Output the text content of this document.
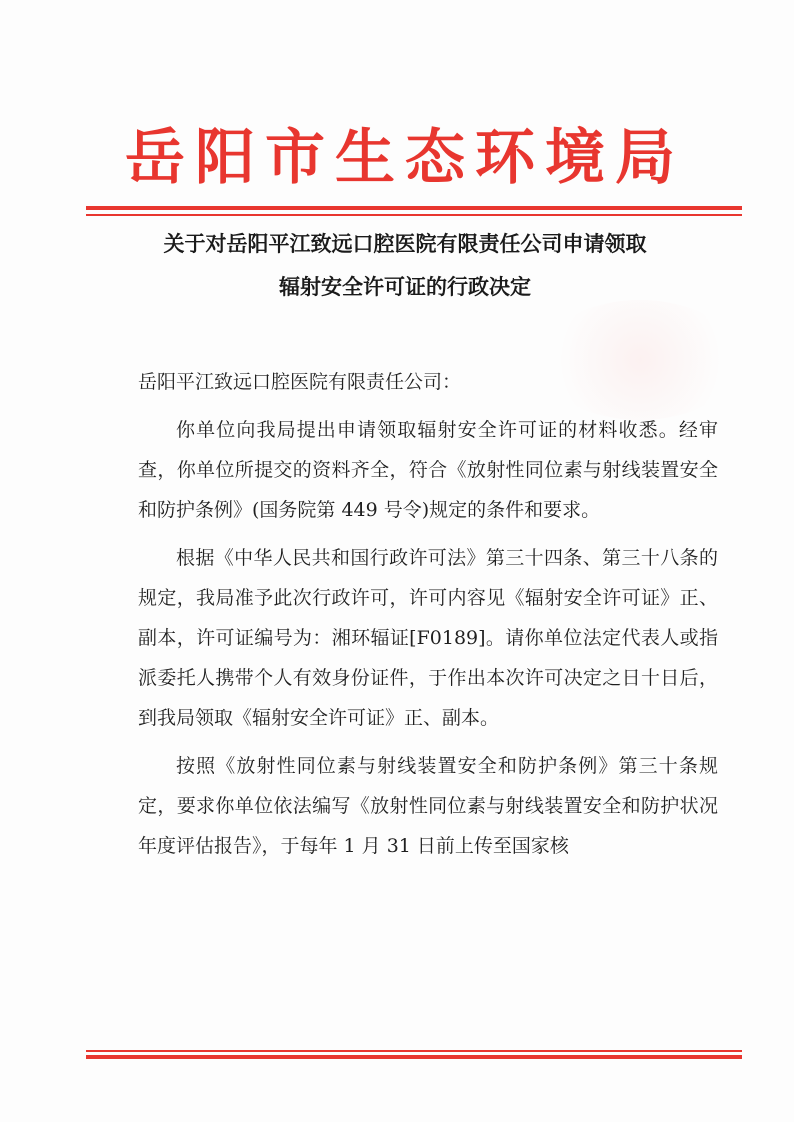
岳阳市生态环境局
关于对岳阳平江致远口腔医院有限责任公司申请领取
辐射安全许可证的行政决定

岳阳平江致远口腔医院有限责任公司：

你单位向我局提出申请领取辐射安全许可证的材料收悉。经审查，你单位所提交的资料齐全，符合《放射性同位素与射线装置安全和防护条例》(国务院第 449 号令)规定的条件和要求。

根据《中华人民共和国行政许可法》第三十四条、第三十八条的规定，我局准予此次行政许可，许可内容见《辐射安全许可证》正、副本，许可证编号为：湘环辐证[F0189]。请你单位法定代表人或指派委托人携带个人有效身份证件，于作出本次许可决定之日十日后，到我局领取《辐射安全许可证》正、副本。

按照《放射性同位素与射线装置安全和防护条例》第三十条规定，要求你单位依法编写《放射性同位素与射线装置安全和防护状况年度评估报告》，于每年 1 月 31 日前上传至国家核
